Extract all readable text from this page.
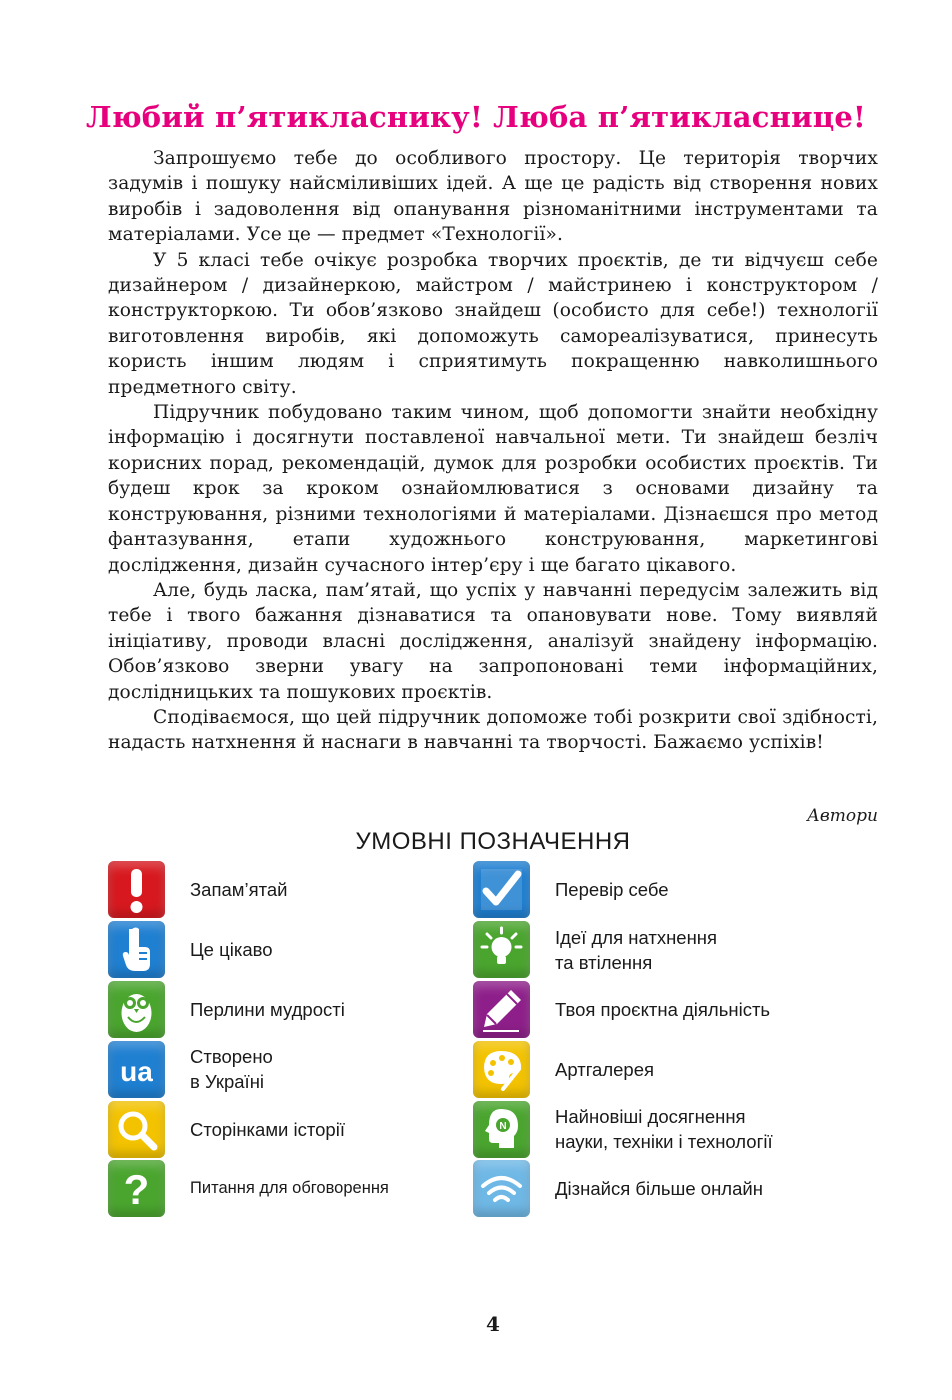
Любий п’ятикласнику! Люба п’ятикласнице!

Запрошуємо тебе до особливого простору. Це територія творчих задумів і пошуку найсміливіших ідей. А ще це радість від створення нових виробів і задоволення від опанування різноманітними інструментами та матеріалами. Усе це — предмет «Технології».

У 5 класі тебе очікує розробка творчих проєктів, де ти відчуєш себе дизайнером / дизайнеркою, майстром / майстринею і конструктором / конструкторкою. Ти обов’язково знайдеш (особисто для себе!) технології виготовлення виробів, які допоможуть самореалізуватися, принесуть користь іншим людям і сприятимуть покращенню навколишнього предметного світу.

Підручник побудовано таким чином, щоб допомогти знайти необхідну інформацію і досягнути поставленої навчальної мети. Ти знайдеш безліч корисних порад, рекомендацій, думок для розробки особистих проєктів. Ти будеш крок за кроком ознайомлюватися з основами дизайну та конструювання, різними технологіями й матеріалами. Дізнаєшся про метод фантазування, етапи художнього конструювання, маркетингові дослідження, дизайн сучасного інтер’єру і ще багато цікавого.

Але, будь ласка, пам’ятай, що успіх у навчанні передусім залежить від тебе і твого бажання дізнаватися та опановувати нове. Тому виявляй ініціативу, проводи власні дослідження, аналізуй знайдену інформацію. Обов’язково зверни увагу на запропоновані теми інформаційних, дослідницьких та пошукових проєктів.

Сподіваємося, що цей підручник допоможе тобі розкрити свої здібності, надасть натхнення й наснаги в навчанні та творчості. Бажаємо успіхів!

Автори

УМОВНІ ПОЗНАЧЕННЯ
Запам’ятай
Це цікаво
Перлини мудрості
ua Створено
в Україні
Сторінками історії
? Питання для обговорення
Перевір себе
Ідеї для натхнення
та втілення
Твоя проєктна діяльність
Артгалерея
N	Найновіші досягнення
науки, техніки і технології
Дізнайся більше онлайн
4
